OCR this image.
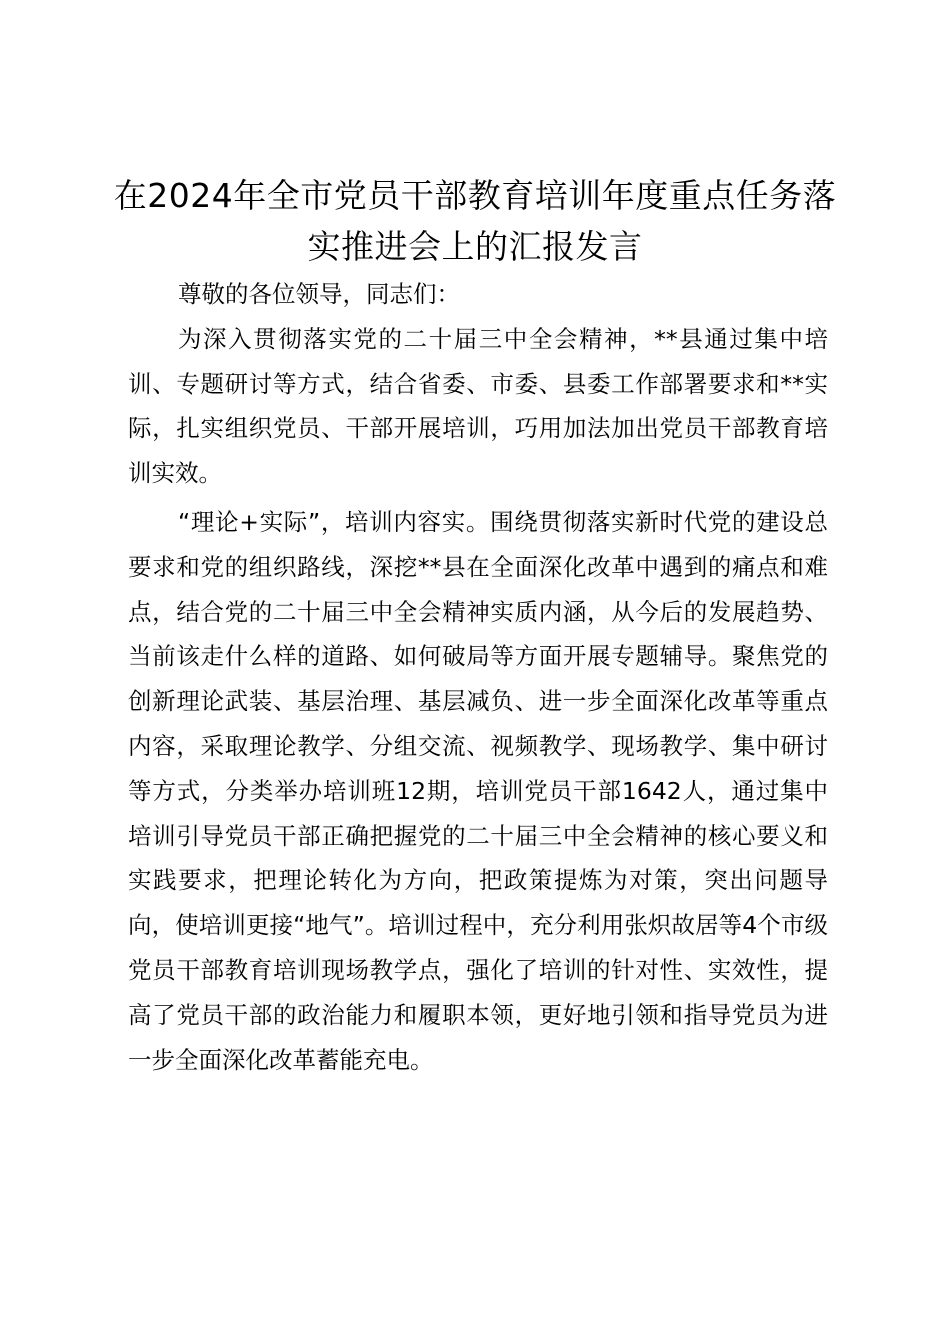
在2024年全市党员干部教育培训年度重点任务落实推进会上的汇报发言

尊敬的各位领导，同志们：

为深入贯彻落实党的二十届三中全会精神，**县通过集中培训、专题研讨等方式，结合省委、市委、县委工作部署要求和**实际，扎实组织党员、干部开展培训，巧用加法加出党员干部教育培训实效。

“理论+实际”，培训内容实。围绕贯彻落实新时代党的建设总要求和党的组织路线，深挖**县在全面深化改革中遇到的痛点和难点，结合党的二十届三中全会精神实质内涵，从今后的发展趋势、当前该走什么样的道路、如何破局等方面开展专题辅导。聚焦党的创新理论武装、基层治理、基层减负、进一步全面深化改革等重点内容，采取理论教学、分组交流、视频教学、现场教学、集中研讨等方式，分类举办培训班12期，培训党员干部1642人，通过集中培训引导党员干部正确把握党的二十届三中全会精神的核心要义和实践要求，把理论转化为方向，把政策提炼为对策，突出问题导向，使培训更接“地气”。培训过程中，充分利用张炽故居等4个市级党员干部教育培训现场教学点，强化了培训的针对性、实效性，提高了党员干部的政治能力和履职本领，更好地引领和指导党员为进一步全面深化改革蓄能充电。
